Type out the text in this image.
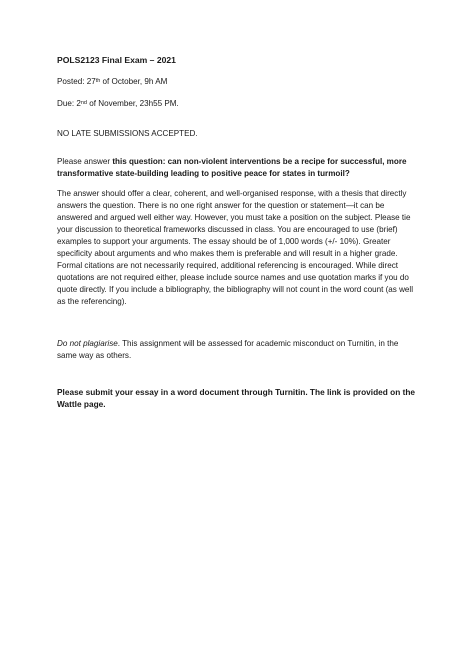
POLS2123 Final Exam – 2021
Posted: 27th of October, 9h AM
Due: 2nd of November, 23h55 PM.
NO LATE SUBMISSIONS ACCEPTED.
Please answer this question: can non-violent interventions be a recipe for successful, more transformative state-building leading to positive peace for states in turmoil?
The answer should offer a clear, coherent, and well-organised response, with a thesis that directly answers the question. There is no one right answer for the question or statement—it can be answered and argued well either way. However, you must take a position on the subject. Please tie your discussion to theoretical frameworks discussed in class. You are encouraged to use (brief) examples to support your arguments. The essay should be of 1,000 words (+/- 10%). Greater specificity about arguments and who makes them is preferable and will result in a higher grade. Formal citations are not necessarily required, additional referencing is encouraged. While direct quotations are not required either, please include source names and use quotation marks if you do quote directly. If you include a bibliography, the bibliography will not count in the word count (as well as the referencing).
Do not plagiarise. This assignment will be assessed for academic misconduct on Turnitin, in the same way as others.
Please submit your essay in a word document through Turnitin. The link is provided on the Wattle page.
